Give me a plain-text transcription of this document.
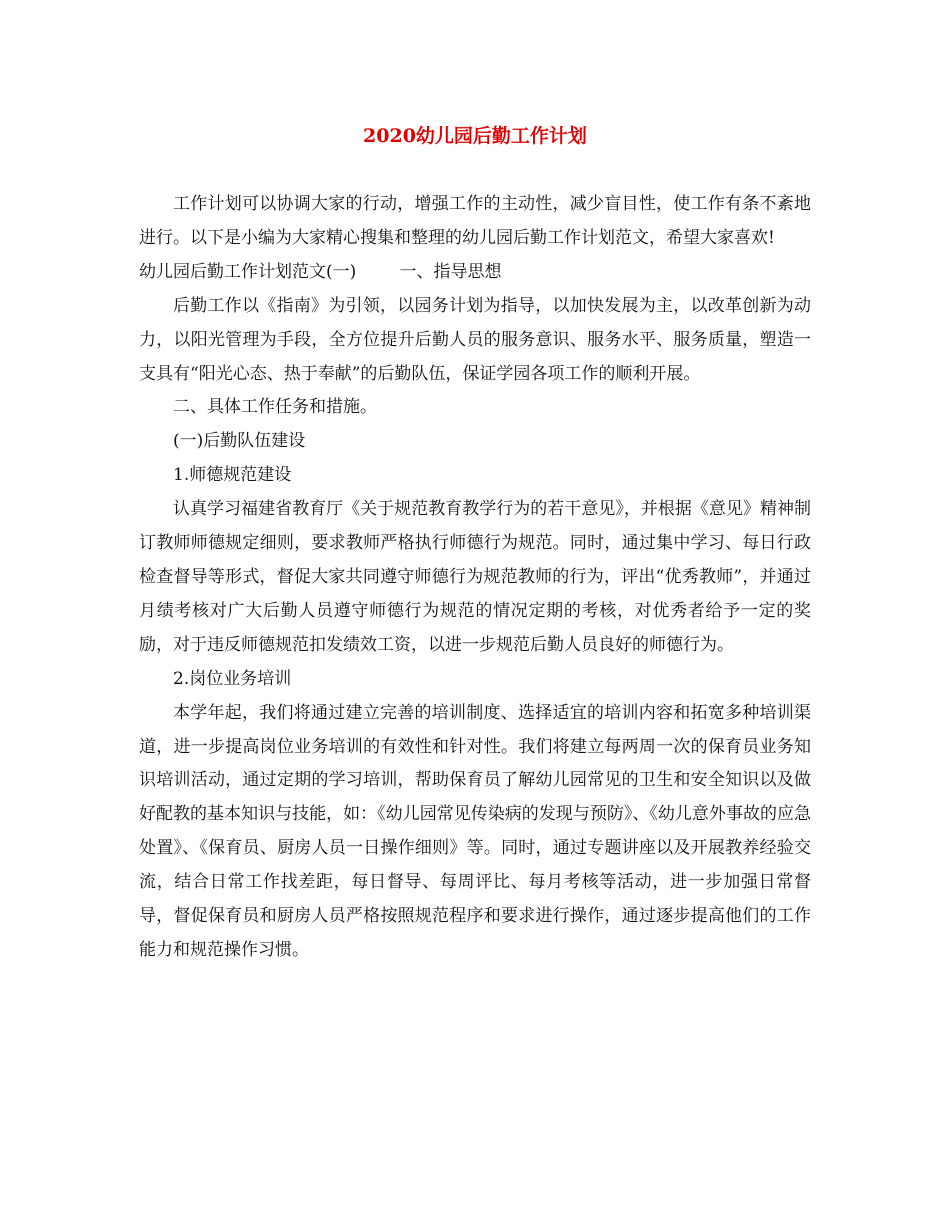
2020幼儿园后勤工作计划

工作计划可以协调大家的行动，增强工作的主动性，减少盲目性，使工作有条不紊地进行。以下是小编为大家精心搜集和整理的幼儿园后勤工作计划范文，希望大家喜欢!

幼儿园后勤工作计划范文(一)        一、指导思想

后勤工作以《指南》为引领，以园务计划为指导，以加快发展为主，以改革创新为动力，以阳光管理为手段，全方位提升后勤人员的服务意识、服务水平、服务质量，塑造一支具有“阳光心态、热于奉献”的后勤队伍，保证学园各项工作的顺利开展。

二、具体工作任务和措施。

(一)后勤队伍建设

1.师德规范建设

认真学习福建省教育厅《关于规范教育教学行为的若干意见》，并根据《意见》精神制订教师师德规定细则，要求教师严格执行师德行为规范。同时，通过集中学习、每日行政检查督导等形式，督促大家共同遵守师德行为规范教师的行为，评出“优秀教师”，并通过月绩考核对广大后勤人员遵守师德行为规范的情况定期的考核，对优秀者给予一定的奖励，对于违反师德规范扣发绩效工资，以进一步规范后勤人员良好的师德行为。

2.岗位业务培训

本学年起，我们将通过建立完善的培训制度、选择适宜的培训内容和拓宽多种培训渠道，进一步提高岗位业务培训的有效性和针对性。我们将建立每两周一次的保育员业务知识培训活动，通过定期的学习培训，帮助保育员了解幼儿园常见的卫生和安全知识以及做好配教的基本知识与技能，如：《幼儿园常见传染病的发现与预防》、《幼儿意外事故的应急处置》、《保育员、厨房人员一日操作细则》等。同时，通过专题讲座以及开展教养经验交流，结合日常工作找差距，每日督导、每周评比、每月考核等活动，进一步加强日常督导，督促保育员和厨房人员严格按照规范程序和要求进行操作，通过逐步提高他们的工作能力和规范操作习惯。
